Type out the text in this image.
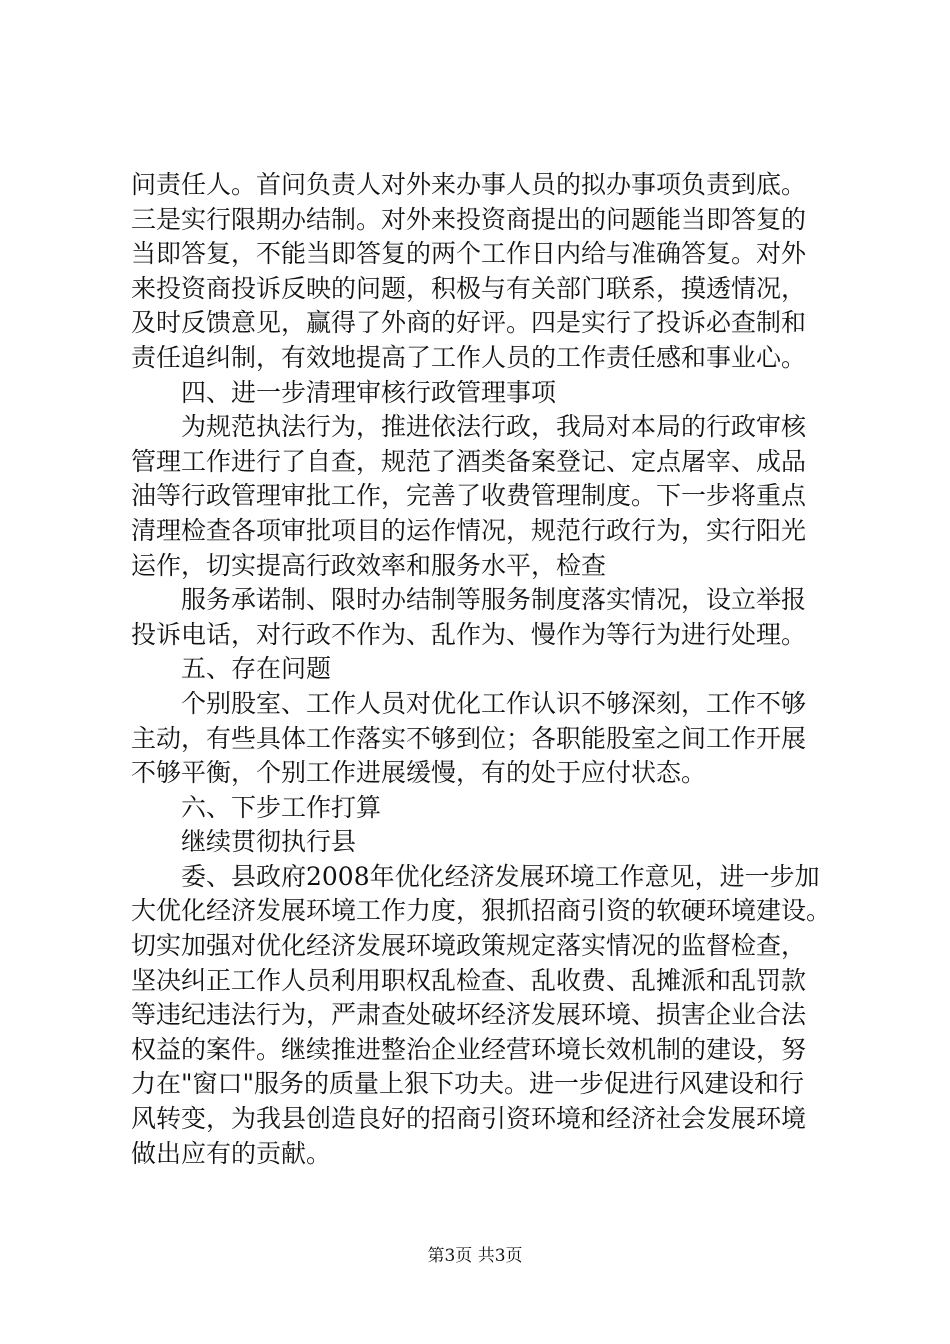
问责任人。首问负责人对外来办事人员的拟办事项负责到底。
三是实行限期办结制。对外来投资商提出的问题能当即答复的
当即答复，不能当即答复的两个工作日内给与准确答复。对外
来投资商投诉反映的问题，积极与有关部门联系，摸透情况，
及时反馈意见，赢得了外商的好评。四是实行了投诉必查制和
责任追纠制，有效地提高了工作人员的工作责任感和事业心。
四、进一步清理审核行政管理事项
为规范执法行为，推进依法行政，我局对本局的行政审核
管理工作进行了自查，规范了酒类备案登记、定点屠宰、成品
油等行政管理审批工作，完善了收费管理制度。下一步将重点
清理检查各项审批项目的运作情况，规范行政行为，实行阳光
运作，切实提高行政效率和服务水平，检查
服务承诺制、限时办结制等服务制度落实情况，设立举报
投诉电话，对行政不作为、乱作为、慢作为等行为进行处理。
五、存在问题
个别股室、工作人员对优化工作认识不够深刻，工作不够
主动，有些具体工作落实不够到位；各职能股室之间工作开展
不够平衡，个别工作进展缓慢，有的处于应付状态。
六、下步工作打算
继续贯彻执行县
委、县政府2008年优化经济发展环境工作意见，进一步加
大优化经济发展环境工作力度，狠抓招商引资的软硬环境建设。
切实加强对优化经济发展环境政策规定落实情况的监督检查，
坚决纠正工作人员利用职权乱检查、乱收费、乱摊派和乱罚款
等违纪违法行为，严肃查处破坏经济发展环境、损害企业合法
权益的案件。继续推进整治企业经营环境长效机制的建设，努
力在"窗口"服务的质量上狠下功夫。进一步促进行风建设和行
风转变，为我县创造良好的招商引资环境和经济社会发展环境
做出应有的贡献。
第3页 共3页
